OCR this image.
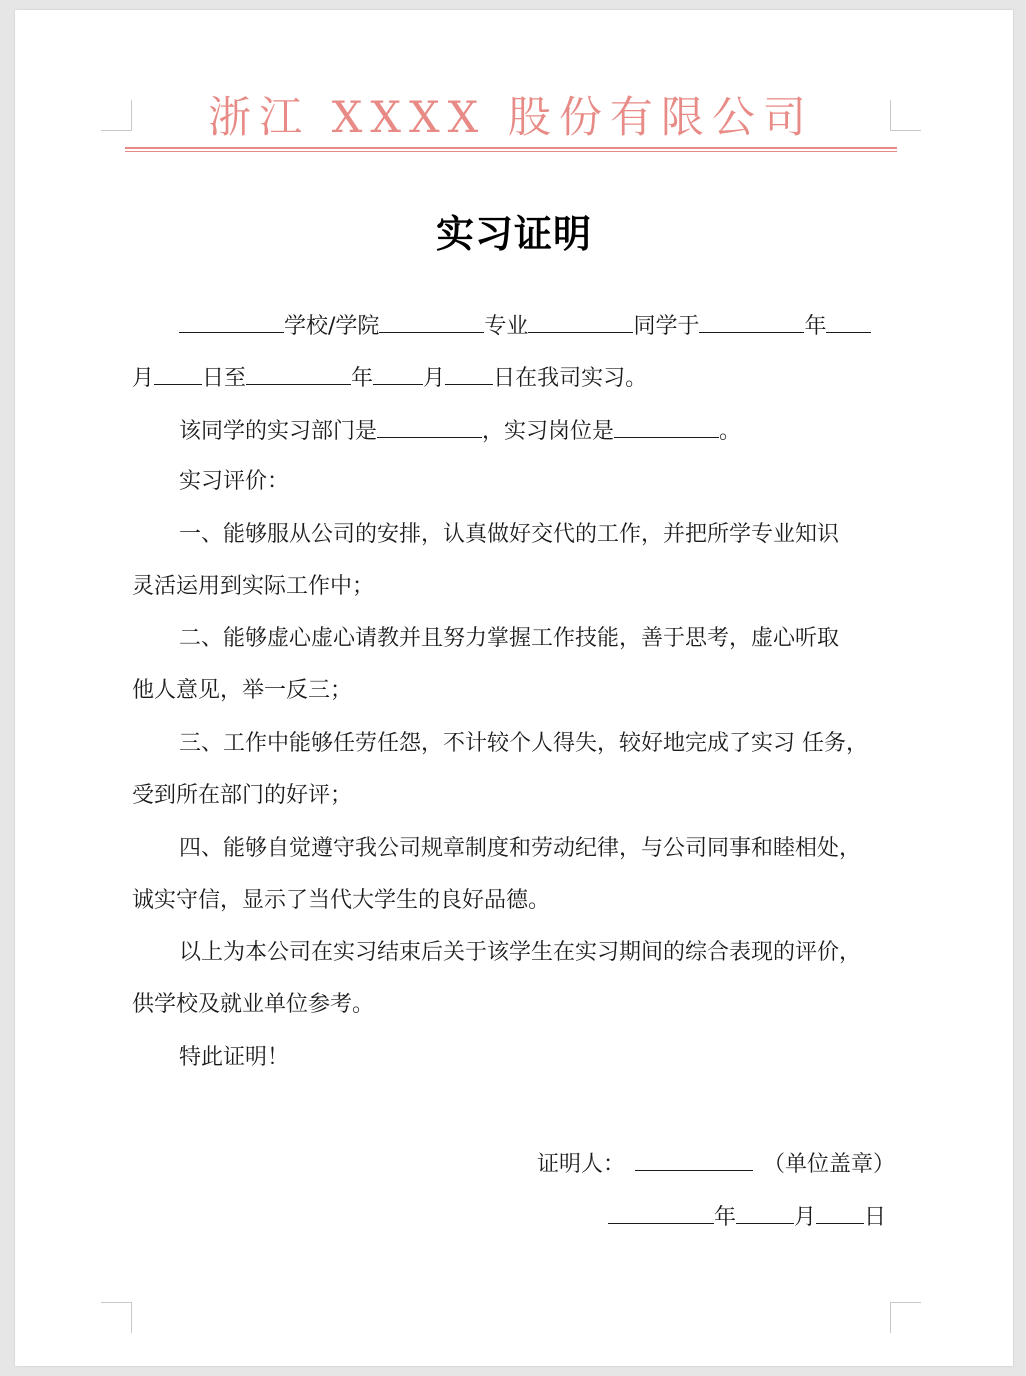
浙江 XXXX 股份有限公司
实习证明
学校/学院	专业	同学于	年
月 日至	年 月 日在我司实习。
该同学的实习部门是	，实习岗位是	。
实习评价：
一、能够服从公司的安排，认真做好交代的工作，并把所学专业知识
灵活运用到实际工作中；
二、能够虚心虚心请教并且努力掌握工作技能，善于思考，虚心听取
他人意见，举一反三；
三、工作中能够任劳任怨，不计较个人得失，较好地完成了实习 任务，
受到所在部门的好评；
四、能够自觉遵守我公司规章制度和劳动纪律，与公司同事和睦相处，
诚实守信，显示了当代大学生的良好品德。
以上为本公司在实习结束后关于该学生在实习期间的综合表现的评价，
供学校及就业单位参考。
特此证明！
证明人：	（单位盖章）
年	月 日
